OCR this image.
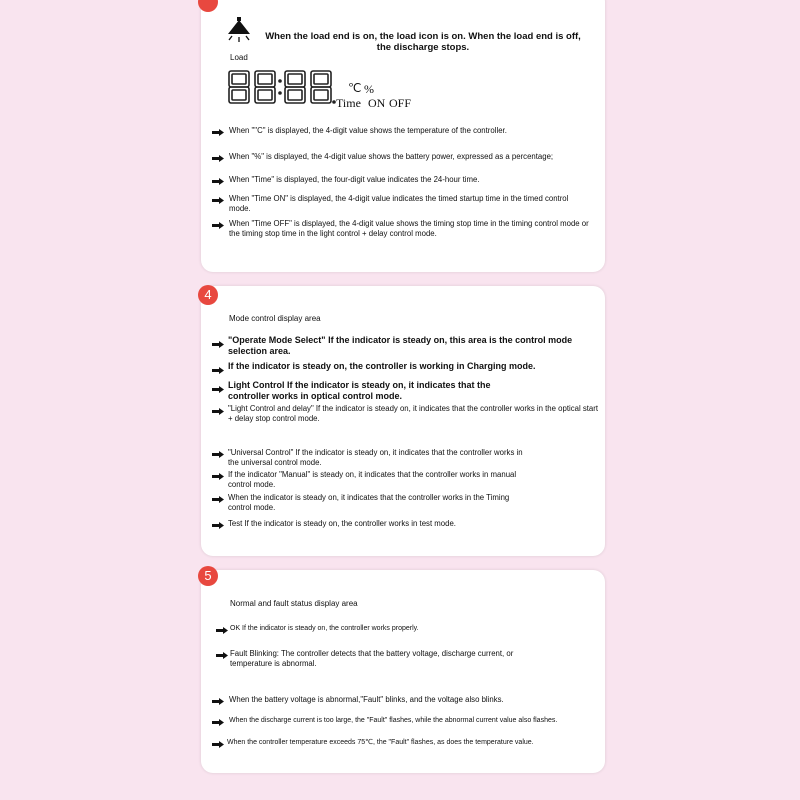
Load
When the load end is on, the load icon is on. When the load end is off, the discharge stops.
℃ %
Time ON OFF
When ""C" is displayed, the 4-digit value shows the temperature of the controller.
When "%" is displayed, the 4-digit value shows the battery power, expressed as a percentage;
When "Time" is displayed, the four-digit value indicates the 24-hour time.
When "Time ON" is displayed, the 4-digit value indicates the timed startup time in the timed control mode.
When "Time OFF" is displayed, the 4-digit value shows the timing stop time in the timing control mode or the timing stop time in the light control + delay control mode.
4
Mode control display area
"Operate Mode Select" If the indicator is steady on, this area is the control mode selection area.
If the indicator is steady on, the controller is working in Charging mode.
Light Control If the indicator is steady on, it indicates that the controller works in optical control mode.
"Light Control and delay" If the indicator is steady on, it indicates that the controller works in the optical start + delay stop control mode.
"Universal Control" If the indicator is steady on, it indicates that the controller works in the universal control mode.
If the indicator "Manual" is steady on, it indicates that the controller works in manual control mode.
When the indicator is steady on, it indicates that the controller works in the Timing control mode.
Test If the indicator is steady on, the controller works in test mode.
5
Normal and fault status display area
OK If the indicator is steady on, the controller works properly.
Fault Blinking: The controller detects that the battery voltage, discharge current, or temperature is abnormal.
When the battery voltage is abnormal,"Fault" blinks, and the voltage also blinks.
When the discharge current is too large, the "Fault" flashes, while the abnormal current value also flashes.
When the controller temperature exceeds 75℃, the "Fault" flashes, as does the temperature value.
